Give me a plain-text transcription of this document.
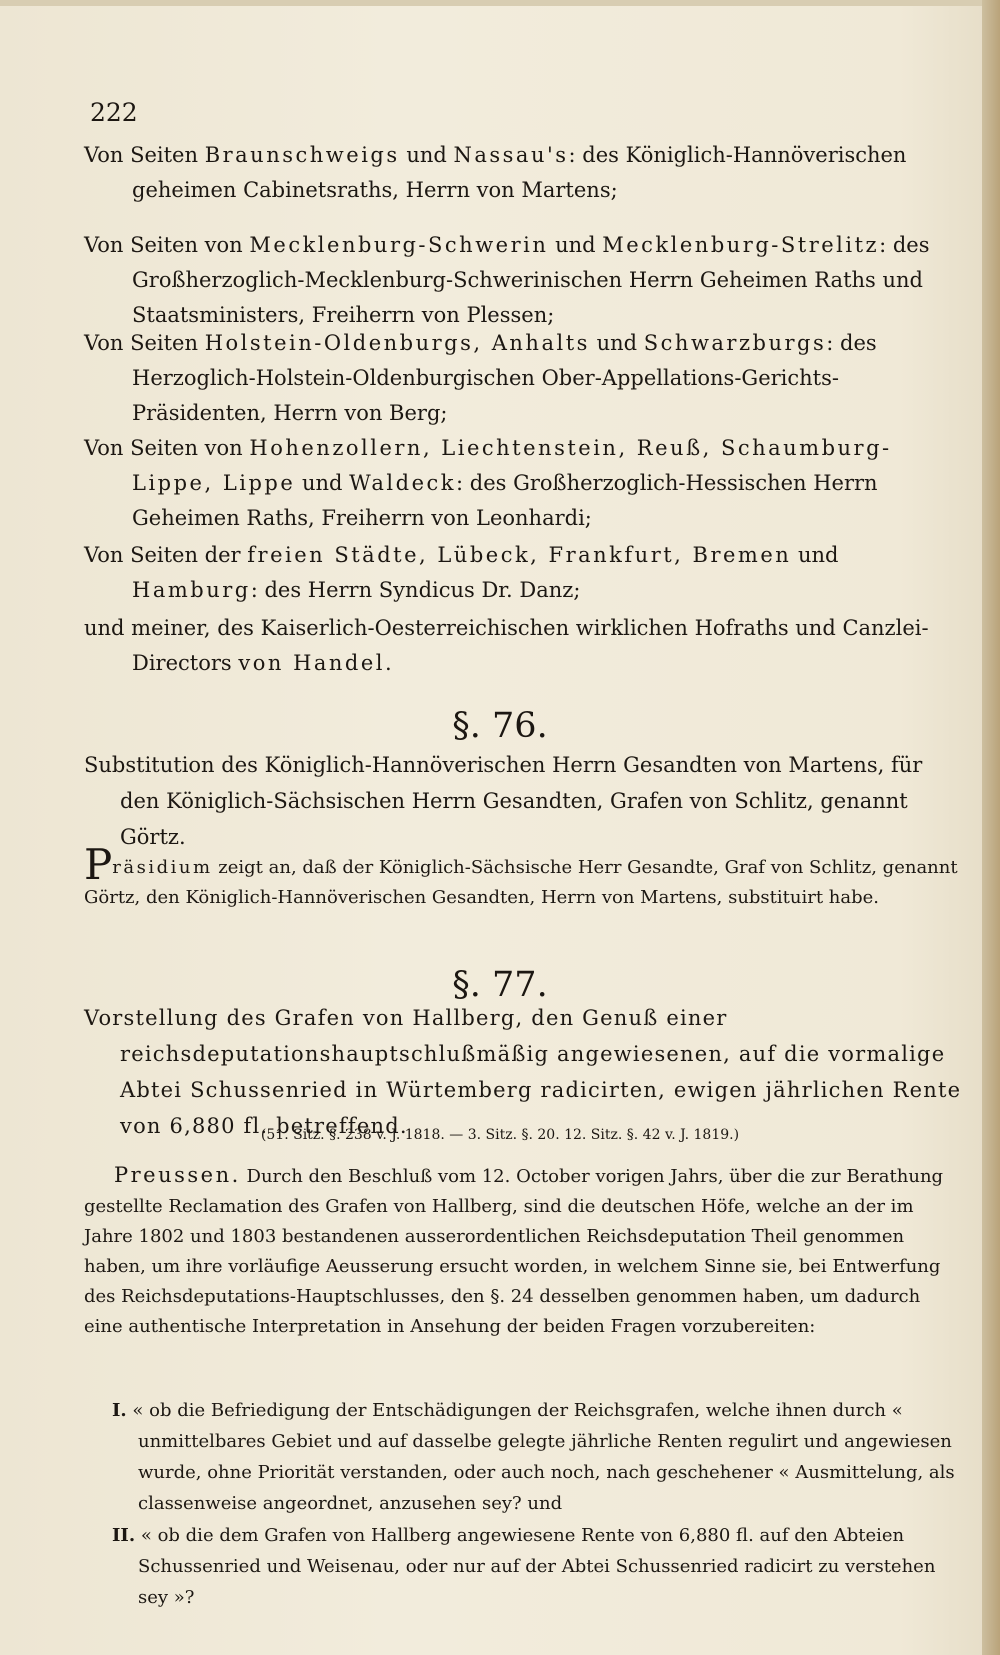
222
Von Seiten Braunschweigs und Nassau's: des Königlich-Hannöverischen geheimen Cabinetsraths, Herrn von Martens;
Von Seiten von Mecklenburg-Schwerin und Mecklenburg-Strelitz: des Großherzoglich-Mecklenburg-Schwerinischen Herrn Geheimen Raths und Staatsministers, Freiherrn von Plessen;
Von Seiten Holstein-Oldenburgs, Anhalts und Schwarzburgs: des Herzoglich-Holstein-Oldenburgischen Ober-Appellations-Gerichts-Präsidenten, Herrn von Berg;
Von Seiten von Hohenzollern, Liechtenstein, Reuß, Schaumburg-Lippe, Lippe und Waldeck: des Großherzoglich-Hessischen Herrn Geheimen Raths, Freiherrn von Leonhardi;
Von Seiten der freien Städte, Lübeck, Frankfurt, Bremen und Hamburg: des Herrn Syndicus Dr. Danz;
und meiner, des Kaiserlich-Oesterreichischen wirklichen Hofraths und Canzlei-Directors von Handel.
§. 76.
Substitution des Königlich-Hannöverischen Herrn Gesandten von Martens, für den Königlich-Sächsischen Herrn Gesandten, Grafen von Schlitz, genannt Görtz.
Präsidium zeigt an, daß der Königlich-Sächsische Herr Gesandte, Graf von Schlitz, genannt Görtz, den Königlich-Hannöverischen Gesandten, Herrn von Martens, substituirt habe.
§. 77.
Vorstellung des Grafen von Hallberg, den Genuß einer reichsdeputationshauptschlußmäßig angewiesenen, auf die vormalige Abtei Schussenried in Würtemberg radicirten, ewigen jährlichen Rente von 6,880 fl. betreffend.
(51. Sitz. §. 238 v. J. 1818. — 3. Sitz. §. 20. 12. Sitz. §. 42 v. J. 1819.)
Preussen. Durch den Beschluß vom 12. October vorigen Jahrs, über die zur Berathung gestellte Reclamation des Grafen von Hallberg, sind die deutschen Höfe, welche an der im Jahre 1802 und 1803 bestandenen ausserordentlichen Reichsdeputation Theil genommen haben, um ihre vorläufige Aeusserung ersucht worden, in welchem Sinne sie, bei Entwerfung des Reichsdeputations-Hauptschlusses, den §. 24 desselben genommen haben, um dadurch eine authentische Interpretation in Ansehung der beiden Fragen vorzubereiten:
I. « ob die Befriedigung der Entschädigungen der Reichsgrafen, welche ihnen durch « unmittelbares Gebiet und auf dasselbe gelegte jährliche Renten regulirt und angewiesen wurde, ohne Priorität verstanden, oder auch noch, nach geschehener « Ausmittelung, als classenweise angeordnet, anzusehen sey? und
II. « ob die dem Grafen von Hallberg angewiesene Rente von 6,880 fl. auf den Abteien Schussenried und Weisenau, oder nur auf der Abtei Schussenried radicirt zu verstehen sey »?
